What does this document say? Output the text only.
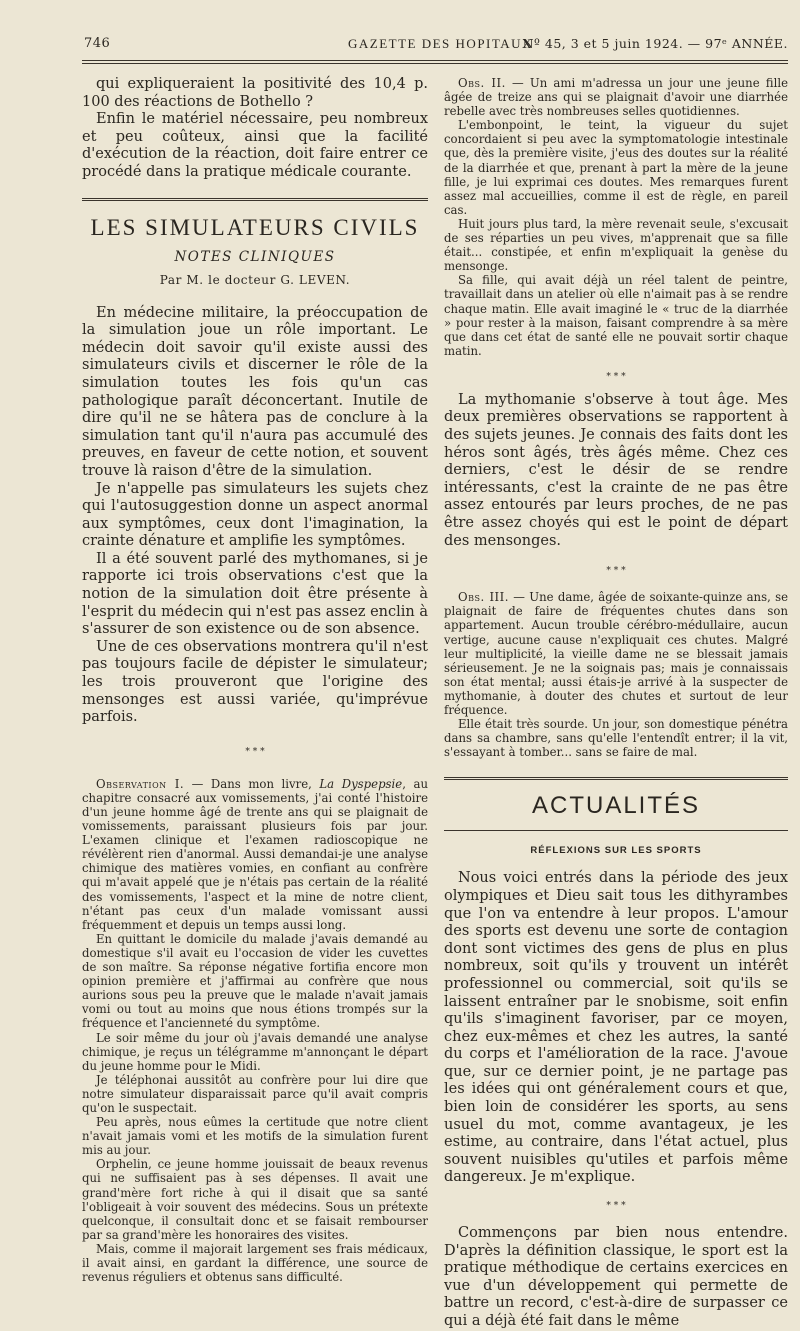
746	GAZETTE DES HOPITAUX
Nº 45, 3 et 5 juin 1924. — 97ᵉ ANNÉE.

qui expliqueraient la positivité des 10,4 p. 100 des réactions de Bothello ?

Enfin le matériel nécessaire, peu nombreux et peu coûteux, ainsi que la facilité d'exécution de la réaction, doit faire entrer ce procédé dans la pratique médicale courante.

LES SIMULATEURS CIVILS
NOTES CLINIQUES
Par M. le docteur G. LEVEN.

En médecine militaire, la préoccupation de la simulation joue un rôle important. Le médecin doit savoir qu'il existe aussi des simulateurs civils et discerner le rôle de la simulation toutes les fois qu'un cas pathologique paraît déconcertant. Inutile de dire qu'il ne se hâtera pas de conclure à la simulation tant qu'il n'aura pas accumulé des preuves, en faveur de cette notion, et souvent trouve là raison d'être de la simulation.

Je n'appelle pas simulateurs les sujets chez qui l'autosuggestion donne un aspect anormal aux symptômes, ceux dont l'imagination, la crainte dénature et amplifie les symptômes.

Il a été souvent parlé des mythomanes, si je rapporte ici trois observations c'est que la notion de la simulation doit être présente à l'esprit du médecin qui n'est pas assez enclin à s'assurer de son existence ou de son absence.

Une de ces observations montrera qu'il n'est pas toujours facile de dépister le simulateur; les trois prouveront que l'origine des mensonges est aussi variée, qu'imprévue parfois.

* * *

Observation I. — Dans mon livre, La Dyspepsie, au chapitre consacré aux vomissements, j'ai conté l'histoire d'un jeune homme âgé de trente ans qui se plaignait de vomissements, paraissant plusieurs fois par jour. L'examen clinique et l'examen radioscopique ne révélèrent rien d'anormal. Aussi demandai-je une analyse chimique des matières vomies, en confiant au confrère qui m'avait appelé que je n'étais pas certain de la réalité des vomissements, l'aspect et la mine de notre client, n'étant pas ceux d'un malade vomissant aussi fréquemment et depuis un temps aussi long.

En quittant le domicile du malade j'avais demandé au domestique s'il avait eu l'occasion de vider les cuvettes de son maître. Sa réponse négative fortifia encore mon opinion première et j'affirmai au confrère que nous aurions sous peu la preuve que le malade n'avait jamais vomi ou tout au moins que nous étions trompés sur la fréquence et l'ancienneté du symptôme.

Le soir même du jour où j'avais demandé une analyse chimique, je reçus un télégramme m'annonçant le départ du jeune homme pour le Midi.

Je téléphonai aussitôt au confrère pour lui dire que notre simulateur disparaissait parce qu'il avait compris qu'on le suspectait.

Peu après, nous eûmes la certitude que notre client n'avait jamais vomi et les motifs de la simulation furent mis au jour.

Orphelin, ce jeune homme jouissait de beaux revenus qui ne suffisaient pas à ses dépenses. Il avait une grand'mère fort riche à qui il disait que sa santé l'obligeait à voir souvent des médecins. Sous un prétexte quelconque, il consultait donc et se faisait rembourser par sa grand'mère les honoraires des visites.

Mais, comme il majorait largement ses frais médicaux, il avait ainsi, en gardant la différence, une source de revenus réguliers et obtenus sans difficulté.

Obs. II. — Un ami m'adressa un jour une jeune fille âgée de treize ans qui se plaignait d'avoir une diarrhée rebelle avec très nombreuses selles quotidiennes.

L'embonpoint, le teint, la vigueur du sujet concordaient si peu avec la symptomatologie intestinale que, dès la première visite, j'eus des doutes sur la réalité de la diarrhée et que, prenant à part la mère de la jeune fille, je lui exprimai ces doutes. Mes remarques furent assez mal accueillies, comme il est de règle, en pareil cas.

Huit jours plus tard, la mère revenait seule, s'excusait de ses réparties un peu vives, m'apprenait que sa fille était... constipée, et enfin m'expliquait la genèse du mensonge.

Sa fille, qui avait déjà un réel talent de peintre, travaillait dans un atelier où elle n'aimait pas à se rendre chaque matin. Elle avait imaginé le « truc de la diarrhée » pour rester à la maison, faisant comprendre à sa mère que dans cet état de santé elle ne pouvait sortir chaque matin.

* * *

La mythomanie s'observe à tout âge. Mes deux premières observations se rapportent à des sujets jeunes. Je connais des faits dont les héros sont âgés, très âgés même. Chez ces derniers, c'est le désir de se rendre intéressants, c'est la crainte de ne pas être assez entourés par leurs proches, de ne pas être assez choyés qui est le point de départ des mensonges.

* * *

Obs. III. — Une dame, âgée de soixante-quinze ans, se plaignait de faire de fréquentes chutes dans son appartement. Aucun trouble cérébro-médullaire, aucun vertige, aucune cause n'expliquait ces chutes. Malgré leur multiplicité, la vieille dame ne se blessait jamais sérieusement. Je ne la soignais pas; mais je connaissais son état mental; aussi étais-je arrivé à la suspecter de mythomanie, à douter des chutes et surtout de leur fréquence.

Elle était très sourde. Un jour, son domestique pénétra dans sa chambre, sans qu'elle l'entendît entrer; il la vit, s'essayant à tomber... sans se faire de mal.

ACTUALITÉS
RÉFLEXIONS SUR LES SPORTS

Nous voici entrés dans la période des jeux olympiques et Dieu sait tous les dithyrambes que l'on va entendre à leur propos. L'amour des sports est devenu une sorte de contagion dont sont victimes des gens de plus en plus nombreux, soit qu'ils y trouvent un intérêt professionnel ou commercial, soit qu'ils se laissent entraîner par le snobisme, soit enfin qu'ils s'imaginent favoriser, par ce moyen, chez eux-mêmes et chez les autres, la santé du corps et l'amélioration de la race. J'avoue que, sur ce dernier point, je ne partage pas les idées qui ont généralement cours et que, bien loin de considérer les sports, au sens usuel du mot, comme avantageux, je les estime, au contraire, dans l'état actuel, plus souvent nuisibles qu'utiles et parfois même dangereux. Je m'explique.

* * *

Commençons par bien nous entendre. D'après la définition classique, le sport est la pratique méthodique de certains exercices en vue d'un développement qui permette de battre un record, c'est-à-dire de surpasser ce qui a déjà été fait dans le même
